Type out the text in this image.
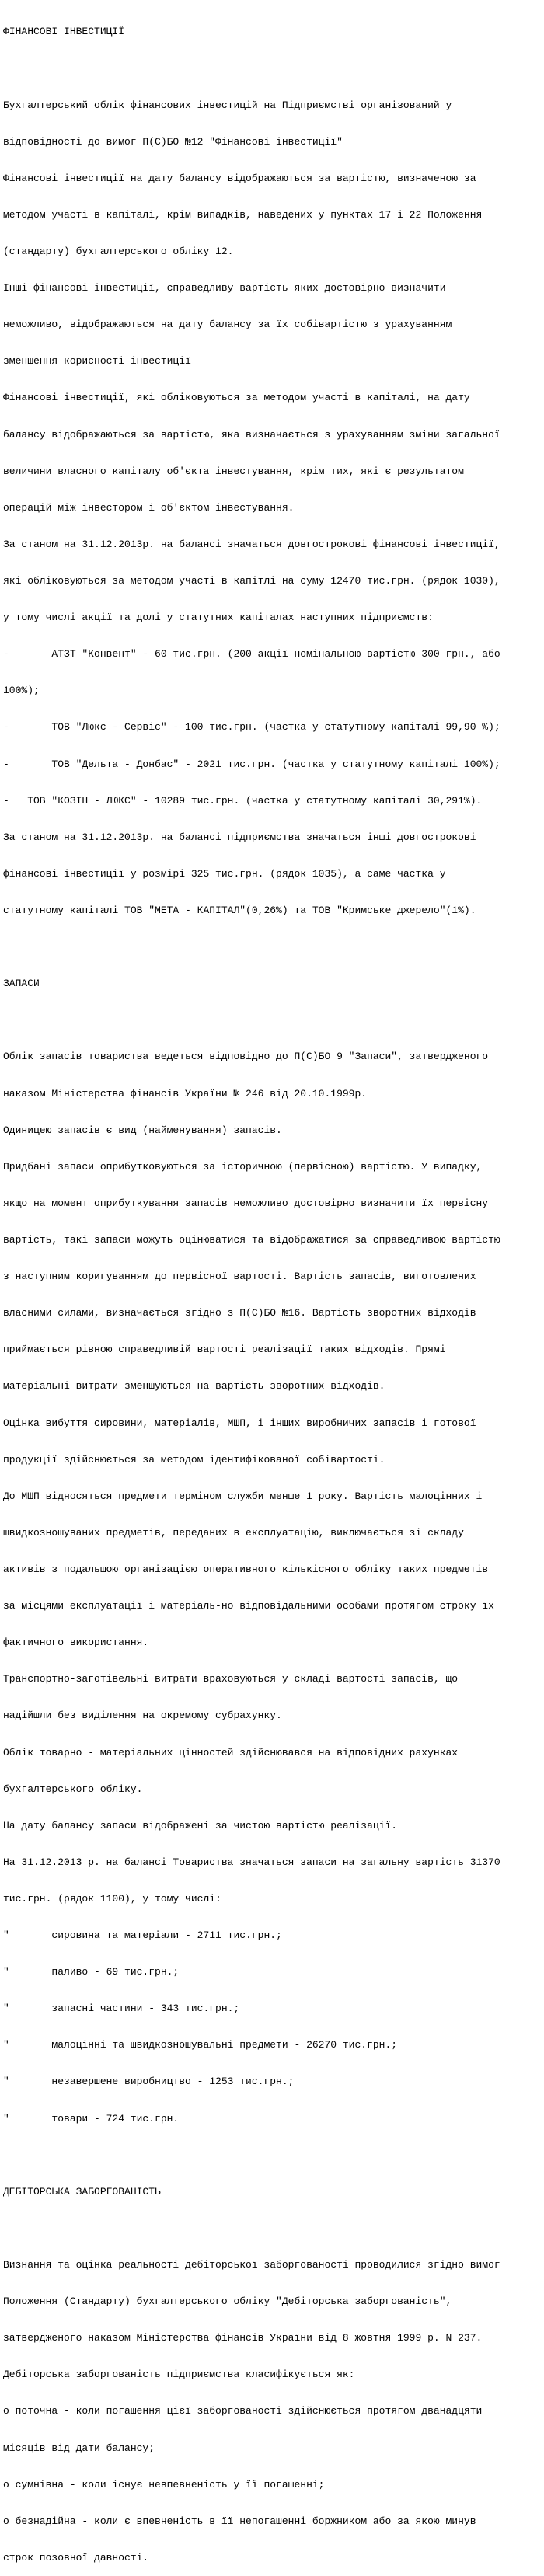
ФІНАНСОВІ ІНВЕСТИЦІЇ

Бухгалтерський облік фінансових інвестицій на Підприємстві організований у

відповідності до вимог П(С)БО №12 "Фінансові інвестиції"

Фінансові інвестиції на дату балансу відображаються за вартістю, визначеною за

методом участі в капіталі, крім випадків, наведених у пунктах 17 і 22 Положення

(стандарту) бухгалтерського обліку 12.

Інші фінансові інвестиції, справедливу вартість яких достовірно визначити

неможливо, відображаються на дату балансу за їх собівартістю з урахуванням

зменшення корисності інвестиції

Фінансові інвестиції, які обліковуються за методом участі в капіталі, на дату

балансу відображаються за вартістю, яка визначається з урахуванням зміни загальної

величини власного капіталу об'єкта інвестування, крім тих, які є результатом

операцій між інвестором і об'єктом інвестування.

За станом на 31.12.2013р. на балансі значаться довгострокові фінансові інвестиції,

які обліковуються за методом участі в капітлі на суму 12470 тис.грн. (рядок 1030),

у тому числі акції та долі у статутних капіталах наступних підприємств:

-       АТЗТ "Конвент" - 60 тис.грн. (200 акції номінальною вартістю 300 грн., або

100%);

-       ТОВ "Люкс - Сервіс" - 100 тис.грн. (частка у статутному капіталі 99,90 %);

-       ТОВ "Дельта - Донбас" - 2021 тис.грн. (частка у статутному капіталі 100%);

-   ТОВ "КОЗІН - ЛЮКС" - 10289 тис.грн. (частка у статутному капіталі 30,291%).

За станом на 31.12.2013р. на балансі підприємства значаться інші довгострокові

фінансові інвестиції у розмірі 325 тис.грн. (рядок 1035), а саме частка у

статутному капіталі ТОВ "МЕТА - КАПІТАЛ"(0,26%) та ТОВ "Кримське джерело"(1%).

ЗАПАСИ

Облік запасів товариства ведеться відповідно до П(С)БО 9 "Запаси", затвердженого

наказом Міністерства фінансів України № 246 від 20.10.1999р.

Одиницею запасів є вид (найменування) запасів.

Придбані запаси оприбутковуються за історичною (первісною) вартістю. У випадку,

якщо на момент оприбуткування запасів неможливо достовірно визначити їх первісну

вартість, такі запаси можуть оцінюватися та відображатися за справедливою вартістю

з наступним коригуванням до первісної вартості. Вартість запасів, виготовлених

власними силами, визначається згідно з П(С)БО №16. Вартість зворотних відходів

приймається рівною справедливій вартості реалізації таких відходів. Прямі

матеріальні витрати зменшуються на вартість зворотних відходів.

Оцінка вибуття сировини, матеріалів, МШП, і інших виробничих запасів і готової

продукції здійснюється за методом ідентифікованої собівартості.

До МШП відносяться предмети терміном служби менше 1 року. Вартість малоцінних і

швидкозношуваних предметів, переданих в експлуатацію, виключається зі складу

активів з подальшою організацією оперативного кількісного обліку таких предметів

за місцями експлуатації і матеріаль-но відповідальними особами протягом строку їх

фактичного використання.

Транспортно-заготівельні витрати враховуються у складі вартості запасів, що

надійшли без виділення на окремому субрахунку.

Облік товарно - матеріальних цінностей здійснювався на відповідних рахунках

бухгалтерського обліку.

На дату балансу запаси відображені за чистою вартістю реалізації.

На 31.12.2013 р. на балансі Товариства значаться запаси на загальну вартість 31370

тис.грн. (рядок 1100), у тому числі:

"       сировина та матеріали - 2711 тис.грн.;

"       паливо - 69 тис.грн.;

"       запасні частини - 343 тис.грн.;

"       малоцінні та швидкозношувальні предмети - 26270 тис.грн.;

"       незавершене виробництво - 1253 тис.грн.;

"       товари - 724 тис.грн.

ДЕБІТОРСЬКА ЗАБОРГОВАНІСТЬ

Визнання та оцінка реальності дебіторської заборгованості проводилися згідно вимог

Положення (Стандарту) бухгалтерського обліку "Дебіторська заборгованість",

затвердженого наказом Міністерства фінансів України від 8 жовтня 1999 р. N 237.

Дебіторська заборгованість підприємства класифікується як:

о поточна - коли погашення цієї заборгованості здійснюється протягом дванадцяти

місяців від дати балансу;

о сумнівна - коли існує невпевненість у її погашенні;

о безнадійна - коли є впевненість в її непогашенні боржником або за якою минув

строк позовної давності.
